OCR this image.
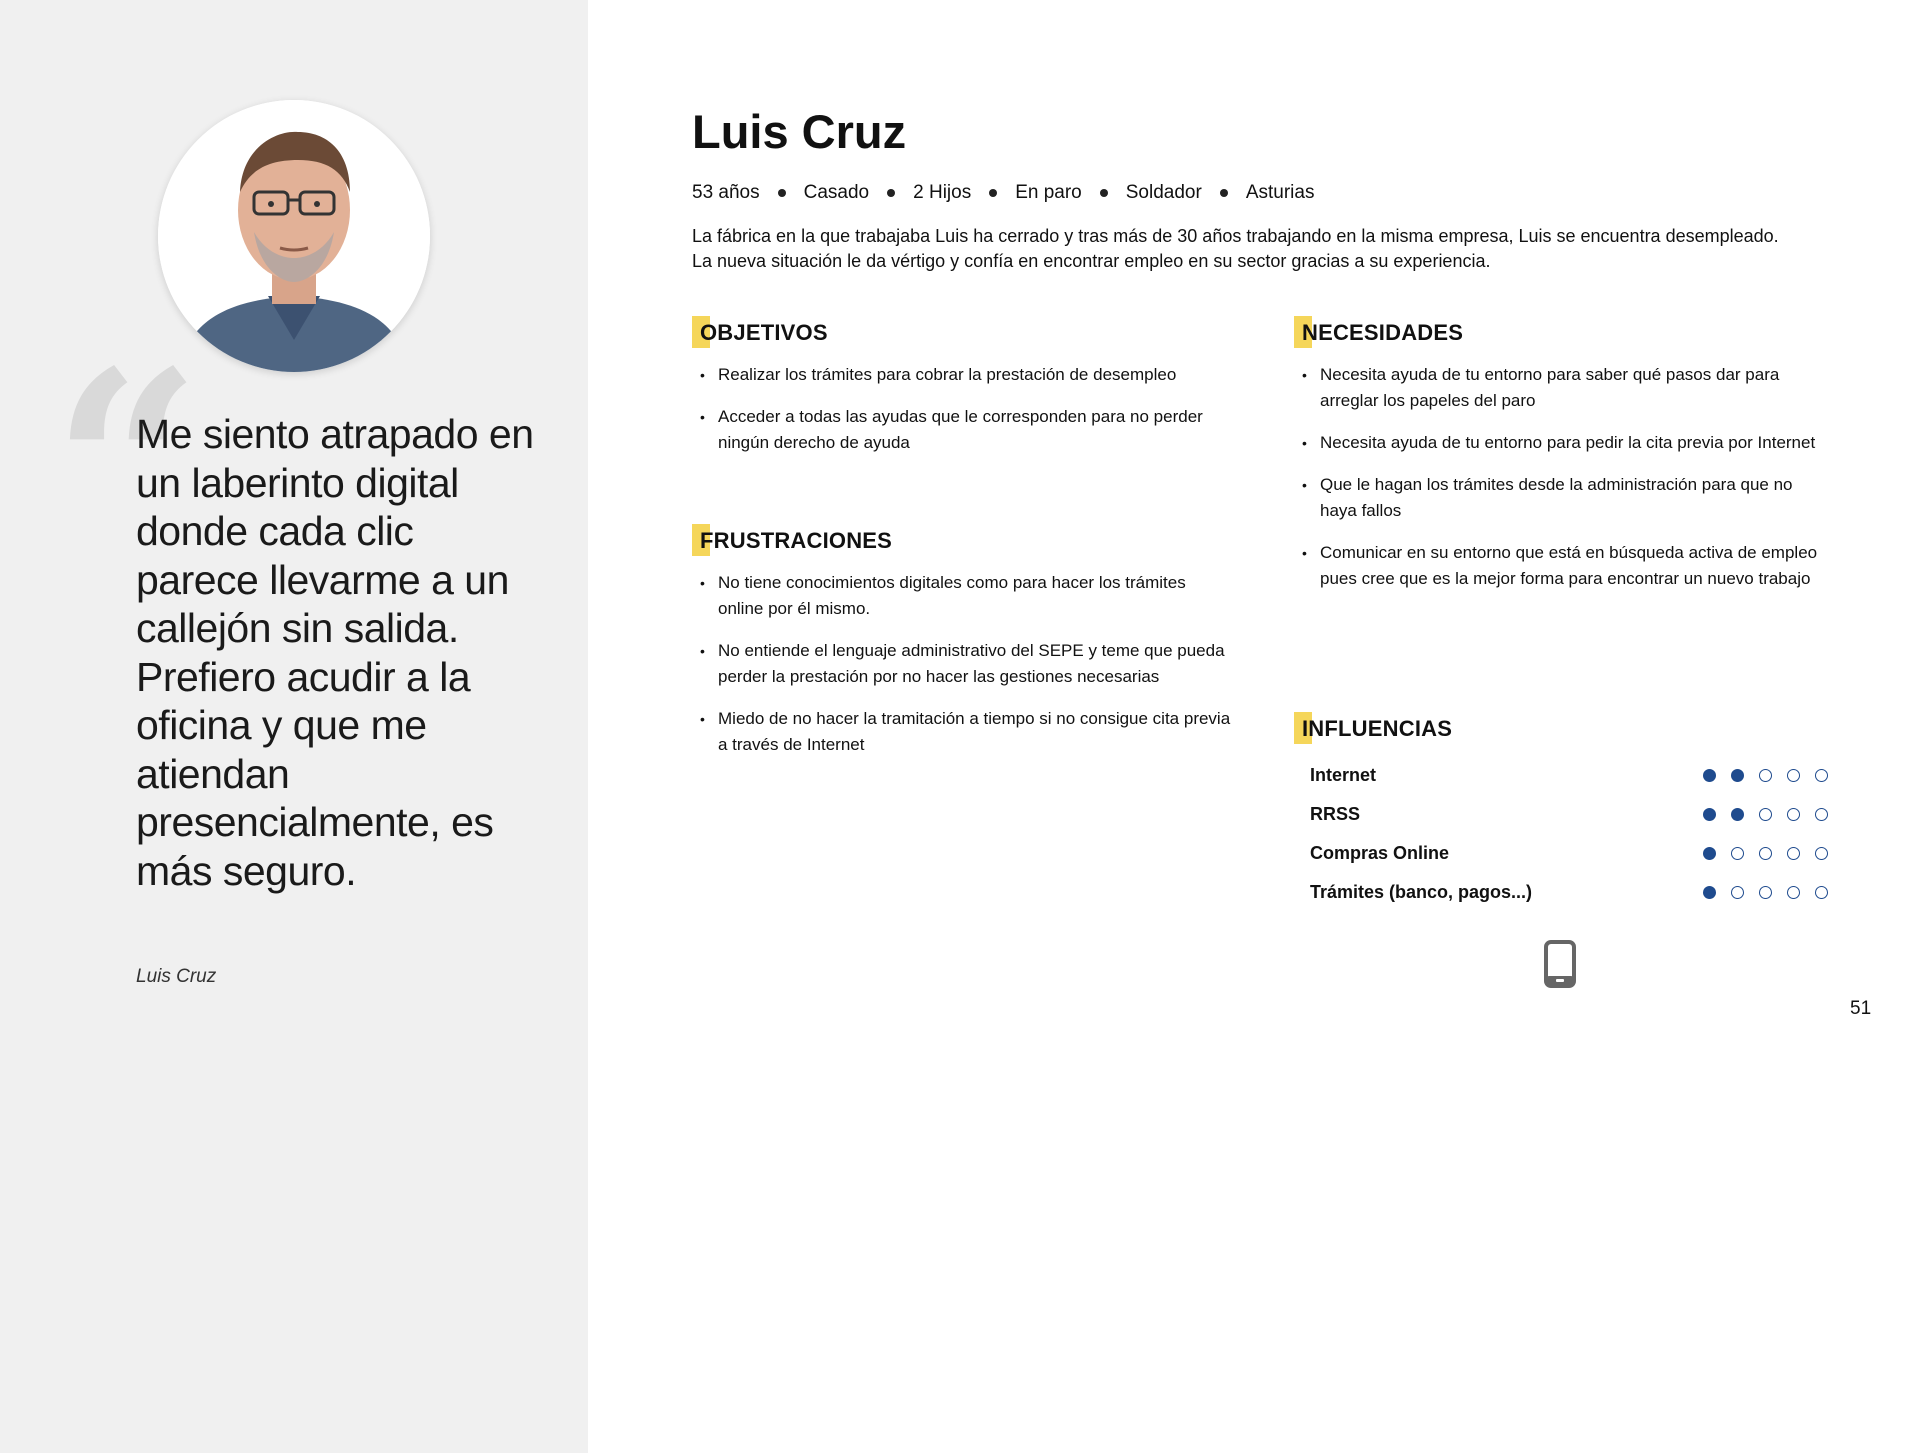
“
Me siento atrapado en un laberinto digital donde cada clic parece llevarme a un callejón sin salida. Prefiero acudir a la oficina y que me atiendan presencialmente, es más seguro.
Luis Cruz
Luis Cruz
53 años Casado 2 Hijos En paro Soldador Asturias
La fábrica en la que trabajaba Luis ha cerrado y tras más de 30 años trabajando en la misma empresa, Luis se encuentra desempleado.
La nueva situación le da vértigo y confía en encontrar empleo en su sector gracias a su experiencia.
OBJETIVOS
• Realizar los trámites para cobrar la prestación de desempleo
• Acceder a todas las ayudas que le corresponden para no perder ningún derecho de ayuda
FRUSTRACIONES
• No tiene conocimientos digitales como para hacer los trámites online por él mismo.
• No entiende el lenguaje administrativo del SEPE y teme que pueda perder la prestación por no hacer las gestiones necesarias
• Miedo de no hacer la tramitación a tiempo si no consigue cita previa a través de Internet
NECESIDADES
• Necesita ayuda de tu entorno para saber qué pasos dar para arreglar los papeles del paro
• Necesita ayuda de tu entorno para pedir la cita previa por Internet
• Que le hagan los trámites desde la administración para que no haya fallos
• Comunicar en su entorno que está en búsqueda activa de empleo pues cree que es la mejor forma para encontrar un nuevo trabajo
INFLUENCIAS
Internet
RRSS
Compras Online
Trámites (banco, pagos...)
51
